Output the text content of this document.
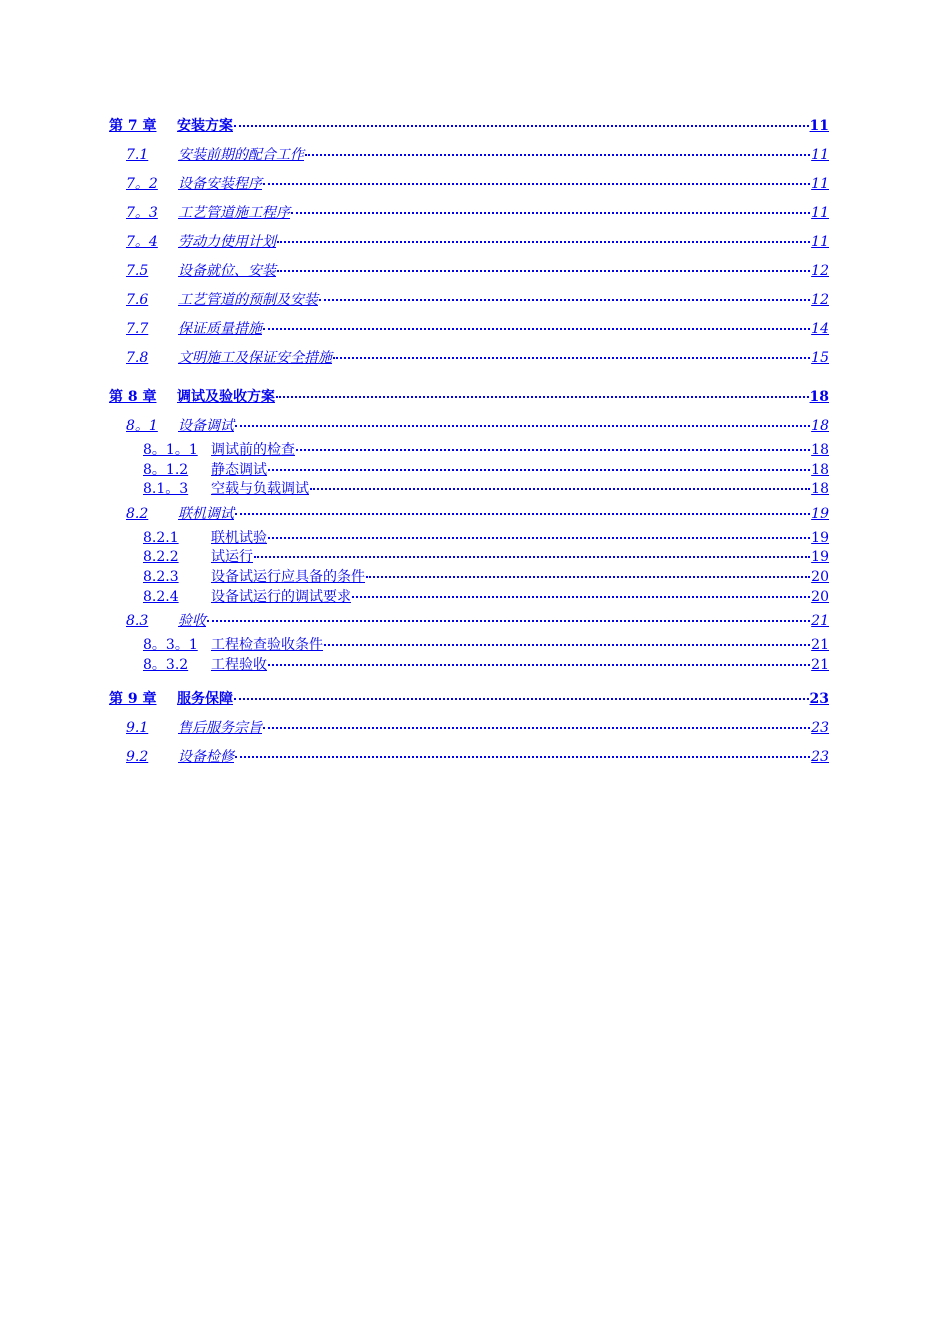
第 7 章	安装方案	11
7.1	安装前期的配合工作	11
7。2	设备安装程序	11
7。3	工艺管道施工程序	11
7。4	劳动力使用计划	11
7.5	设备就位、安装	12
7.6	工艺管道的预制及安装	12
7.7	保证质量措施	14
7.8	文明施工及保证安全措施	15
第 8 章	调试及验收方案	18
8。1	设备调试	18
8。1。1 调试前的检查	18
8。1.2	静态调试	18
8.1。3	空载与负载调试	18
8.2	联机调试	19
8.2.1	联机试验	19
8.2.2	试运行	19
8.2.3	设备试运行应具备的条件	20
8.2.4	设备试运行的调试要求	20
8.3	验收	21
8。3。1 工程检查验收条件	21
8。3.2	工程验收	21
第 9 章	服务保障	23
9.1	售后服务宗旨	23
9.2	设备检修	23
